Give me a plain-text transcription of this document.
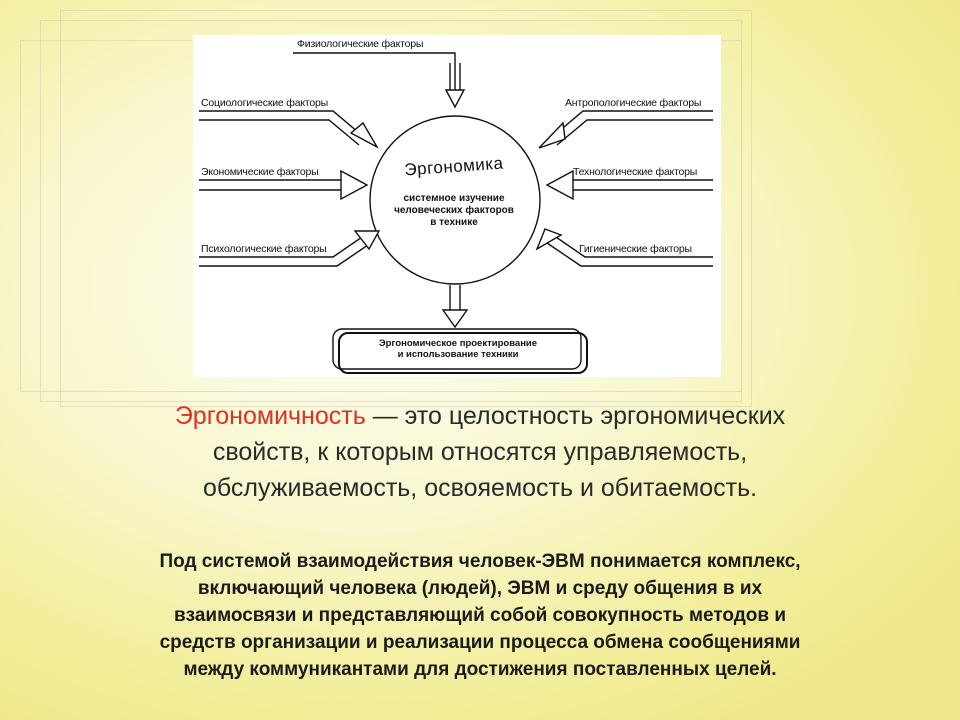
Физиологические факторы
Социологические факторы
Экономические факторы
Психологические факторы
Антропологические факторы
Технологические факторы
Гигиенические факторы
Эргономика
системное изучение
человеческих факторов
в технике
Эргономическое проектирование
и использование техники
Эргономичность — это целостность эргономических
свойств, к которым относятся управляемость,
обслуживаемость, освояемость и обитаемость.
Под системой взаимодействия человек-ЭВМ понимается комплекс,
включающий человека (людей), ЭВМ и среду общения в их
взаимосвязи и представляющий собой совокупность методов и
средств организации и реализации процесса обмена сообщениями
между коммуникантами для достижения поставленных целей.
